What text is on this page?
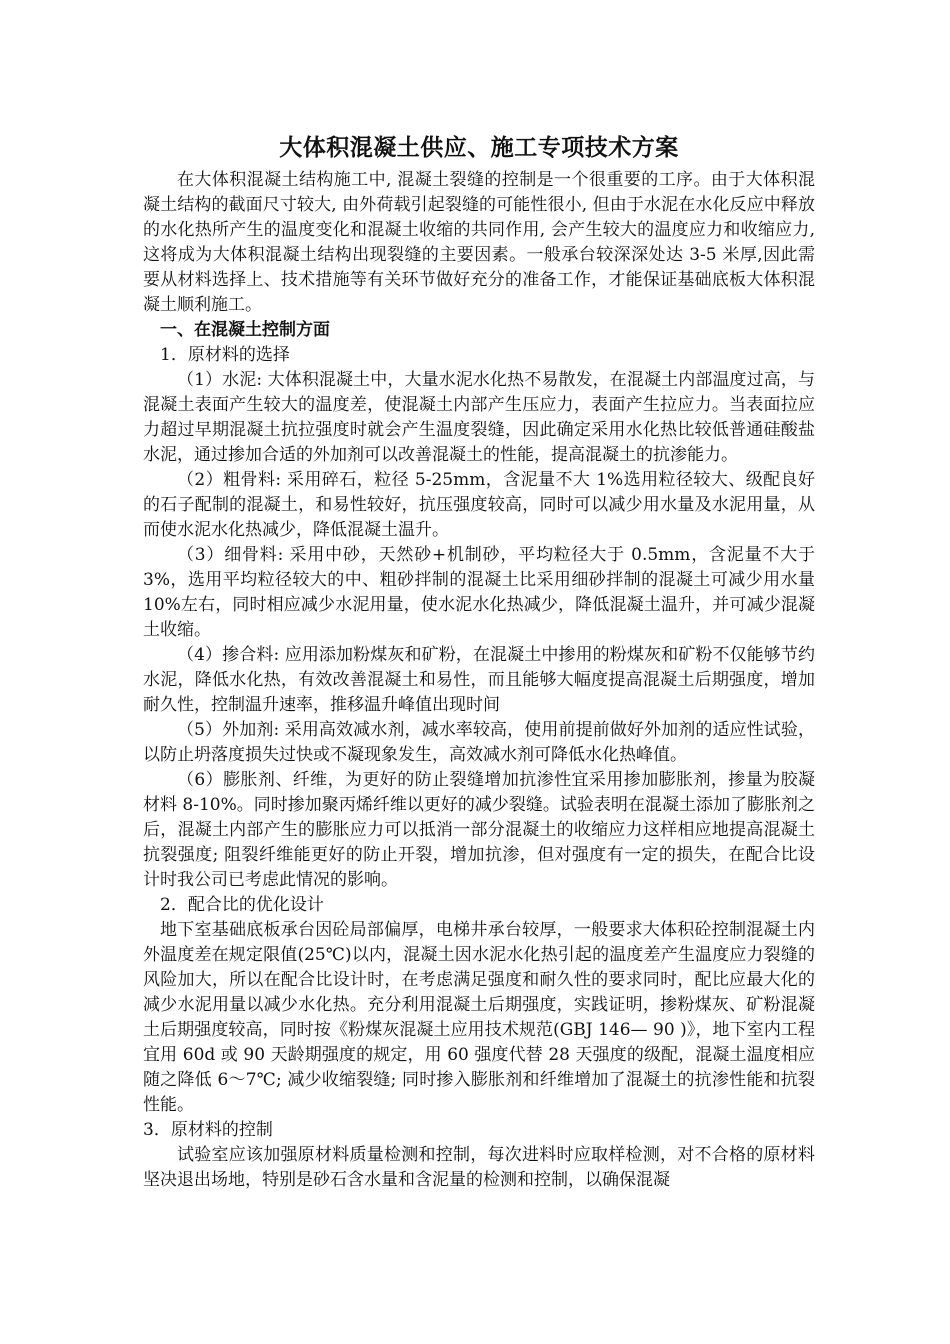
大体积混凝土供应、施工专项技术方案

在大体积混凝土结构施工中, 混凝土裂缝的控制是一个很重要的工序。由于大体积混凝土结构的截面尺寸较大, 由外荷载引起裂缝的可能性很小, 但由于水泥在水化反应中释放的水化热所产生的温度变化和混凝土收缩的共同作用, 会产生较大的温度应力和收缩应力, 这将成为大体积混凝土结构出现裂缝的主要因素。一般承台较深深处达 3-5 米厚,因此需要从材料选择上、技术措施等有关环节做好充分的准备工作，才能保证基础底板大体积混凝土顺利施工。

一、在混凝土控制方面

1．原材料的选择

（1）水泥: 大体积混凝土中，大量水泥水化热不易散发，在混凝土内部温度过高，与混凝土表面产生较大的温度差，使混凝土内部产生压应力，表面产生拉应力。当表面拉应力超过早期混凝土抗拉强度时就会产生温度裂缝，因此确定采用水化热比较低普通硅酸盐水泥，通过掺加合适的外加剂可以改善混凝土的性能，提高混凝土的抗渗能力。

（2）粗骨料: 采用碎石，粒径 5-25mm，含泥量不大 1%选用粒径较大、级配良好的石子配制的混凝土，和易性较好，抗压强度较高，同时可以减少用水量及水泥用量，从而使水泥水化热减少，降低混凝土温升。

（3）细骨料: 采用中砂，天然砂+机制砂，平均粒径大于 0.5mm，含泥量不大于 3%，选用平均粒径较大的中、粗砂拌制的混凝土比采用细砂拌制的混凝土可减少用水量 10%左右，同时相应减少水泥用量，使水泥水化热减少，降低混凝土温升，并可减少混凝土收缩。

（4）掺合料: 应用添加粉煤灰和矿粉，在混凝土中掺用的粉煤灰和矿粉不仅能够节约水泥，降低水化热，有效改善混凝土和易性，而且能够大幅度提高混凝土后期强度，增加耐久性，控制温升速率，推移温升峰值出现时间

（5）外加剂: 采用高效减水剂，减水率较高，使用前提前做好外加剂的适应性试验，以防止坍落度损失过快或不凝现象发生，高效减水剂可降低水化热峰值。

（6）膨胀剂、纤维，为更好的防止裂缝增加抗渗性宜采用掺加膨胀剂，掺量为胶凝材料 8-10%。同时掺加聚丙烯纤维以更好的减少裂缝。试验表明在混凝土添加了膨胀剂之后，混凝土内部产生的膨胀应力可以抵消一部分混凝土的收缩应力这样相应地提高混凝土抗裂强度; 阻裂纤维能更好的防止开裂，增加抗渗，但对强度有一定的损失，在配合比设计时我公司已考虑此情况的影响。

2．配合比的优化设计

地下室基础底板承台因砼局部偏厚，电梯井承台较厚，一般要求大体积砼控制混凝土内外温度差在规定限值(25℃)以内，混凝土因水泥水化热引起的温度差产生温度应力裂缝的风险加大，所以在配合比设计时，在考虑满足强度和耐久性的要求同时，配比应最大化的减少水泥用量以减少水化热。充分利用混凝土后期强度，实践证明，掺粉煤灰、矿粉混凝土后期强度较高，同时按《粉煤灰混凝土应用技术规范(GBJ 146— 90 )》，地下室内工程宜用 60d 或 90 天龄期强度的规定，用 60 强度代替 28 天强度的级配，混凝土温度相应随之降低 6～7℃; 减少收缩裂缝; 同时掺入膨胀剂和纤维增加了混凝土的抗渗性能和抗裂性能。

3．原材料的控制

试验室应该加强原材料质量检测和控制，每次进料时应取样检测，对不合格的原材料坚决退出场地，特别是砂石含水量和含泥量的检测和控制，以确保混凝
